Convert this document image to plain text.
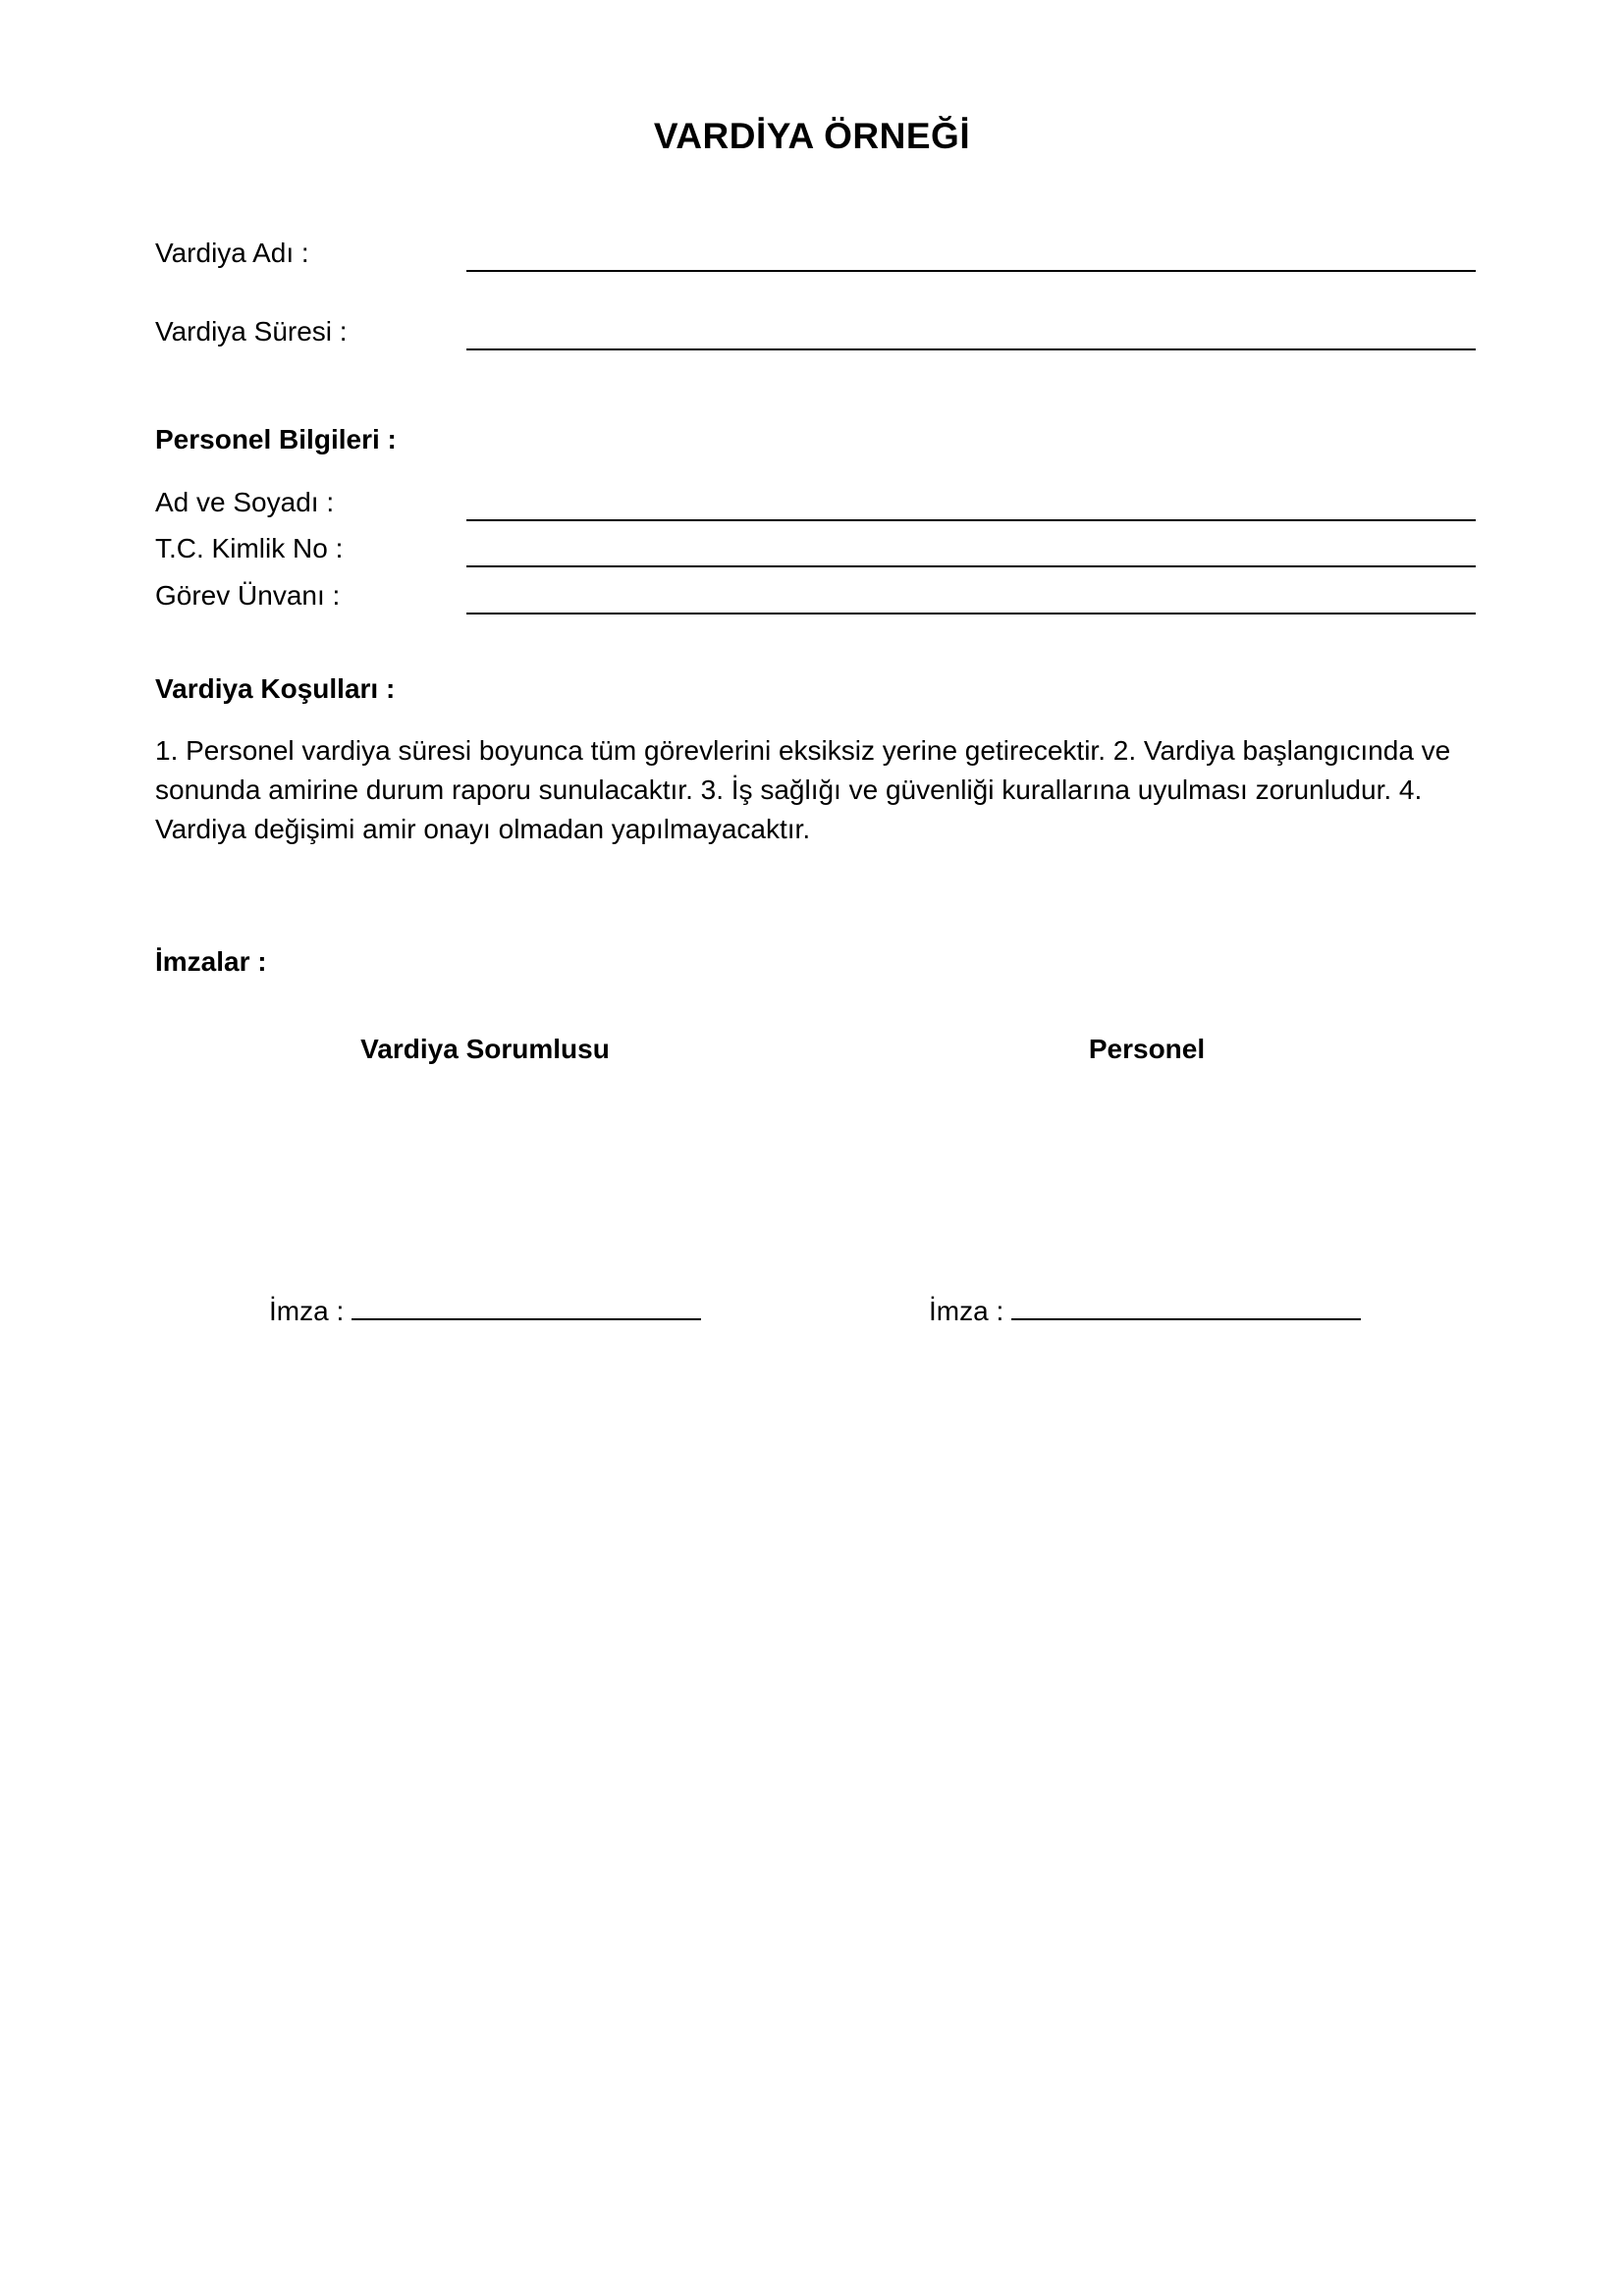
VARDİYA ÖRNEĞİ
Vardiya Adı :
Vardiya Süresi :
Personel Bilgileri :
Ad ve Soyadı :
T.C. Kimlik No :
Görev Ünvanı :
Vardiya Koşulları :
1. Personel vardiya süresi boyunca tüm görevlerini eksiksiz yerine getirecektir. 2. Vardiya başlangıcında ve sonunda amirine durum raporu sunulacaktır. 3. İş sağlığı ve güvenliği kurallarına uyulması zorunludur. 4. Vardiya değişimi amir onayı olmadan yapılmayacaktır.
İmzalar :
Vardiya Sorumlusu	Personel
İmza :	İmza :
